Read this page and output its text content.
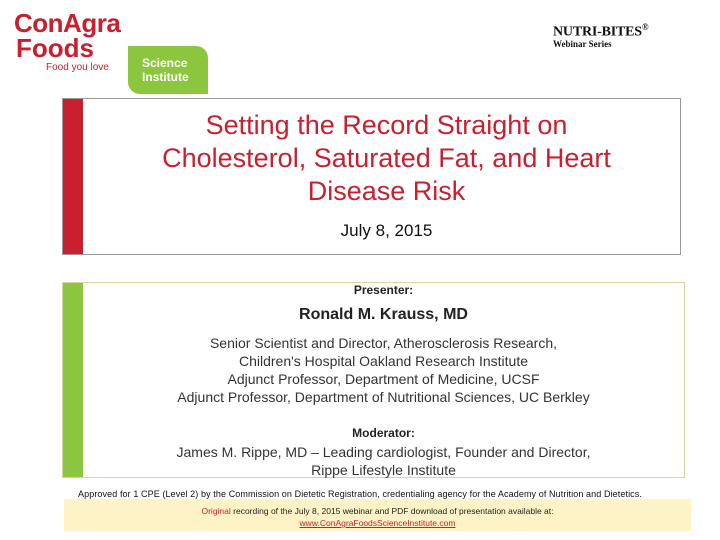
ConAgra
Foods
Food you love	Science
Institute
NUTRI-BITES®
Webinar Series
Setting the Record Straight on
Cholesterol, Saturated Fat, and Heart
Disease Risk
July 8, 2015
Presenter:
Ronald M. Krauss, MD
Senior Scientist and Director, Atherosclerosis Research,
Children's Hospital Oakland Research Institute
Adjunct Professor, Department of Medicine, UCSF
Adjunct Professor, Department of Nutritional Sciences, UC Berkley
Moderator:
James M. Rippe, MD – Leading cardiologist, Founder and Director,
Rippe Lifestyle Institute
Approved for 1 CPE (Level 2) by the Commission on Dietetic Registration, credentialing agency for the Academy of Nutrition and Dietetics.
Original recording of the July 8, 2015 webinar and PDF download of presentation available at:
www.ConAgraFoodsScienceInstitute.com
